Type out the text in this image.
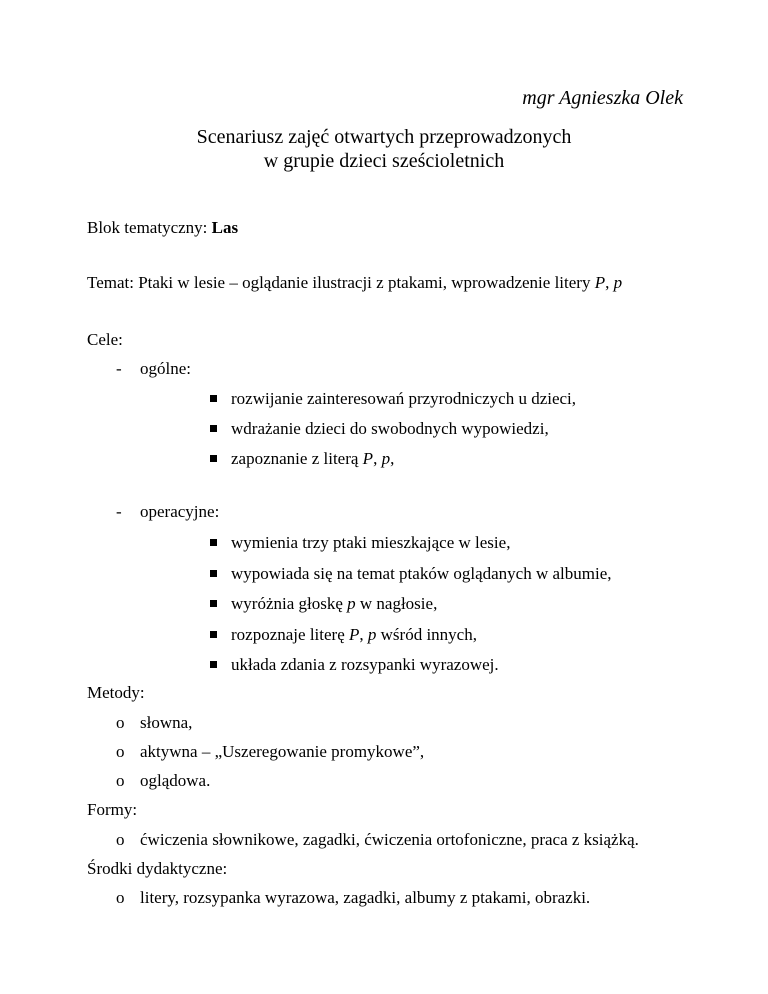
mgr Agnieszka Olek
Scenariusz zajęć otwartych przeprowadzonych
w grupie dzieci sześcioletnich
Blok tematyczny: Las
Temat: Ptaki w lesie – oglądanie ilustracji z ptakami, wprowadzenie litery P, p
Cele:
- ogólne:
rozwijanie zainteresowań przyrodniczych u dzieci,
wdrażanie dzieci do swobodnych wypowiedzi,
zapoznanie z literą P, p,
- operacyjne:
wymienia trzy ptaki mieszkające w lesie,
wypowiada się na temat ptaków oglądanych w albumie,
wyróżnia głoskę p w nagłosie,
rozpoznaje literę P, p wśród innych,
układa zdania z rozsypanki wyrazowej.
Metody:
o słowna,
o aktywna – „Uszeregowanie promykowe”,
o oglądowa.
Formy:
o ćwiczenia słownikowe, zagadki, ćwiczenia ortofoniczne, praca z książką.
Środki dydaktyczne:
o litery, rozsypanka wyrazowa, zagadki, albumy z ptakami, obrazki.
